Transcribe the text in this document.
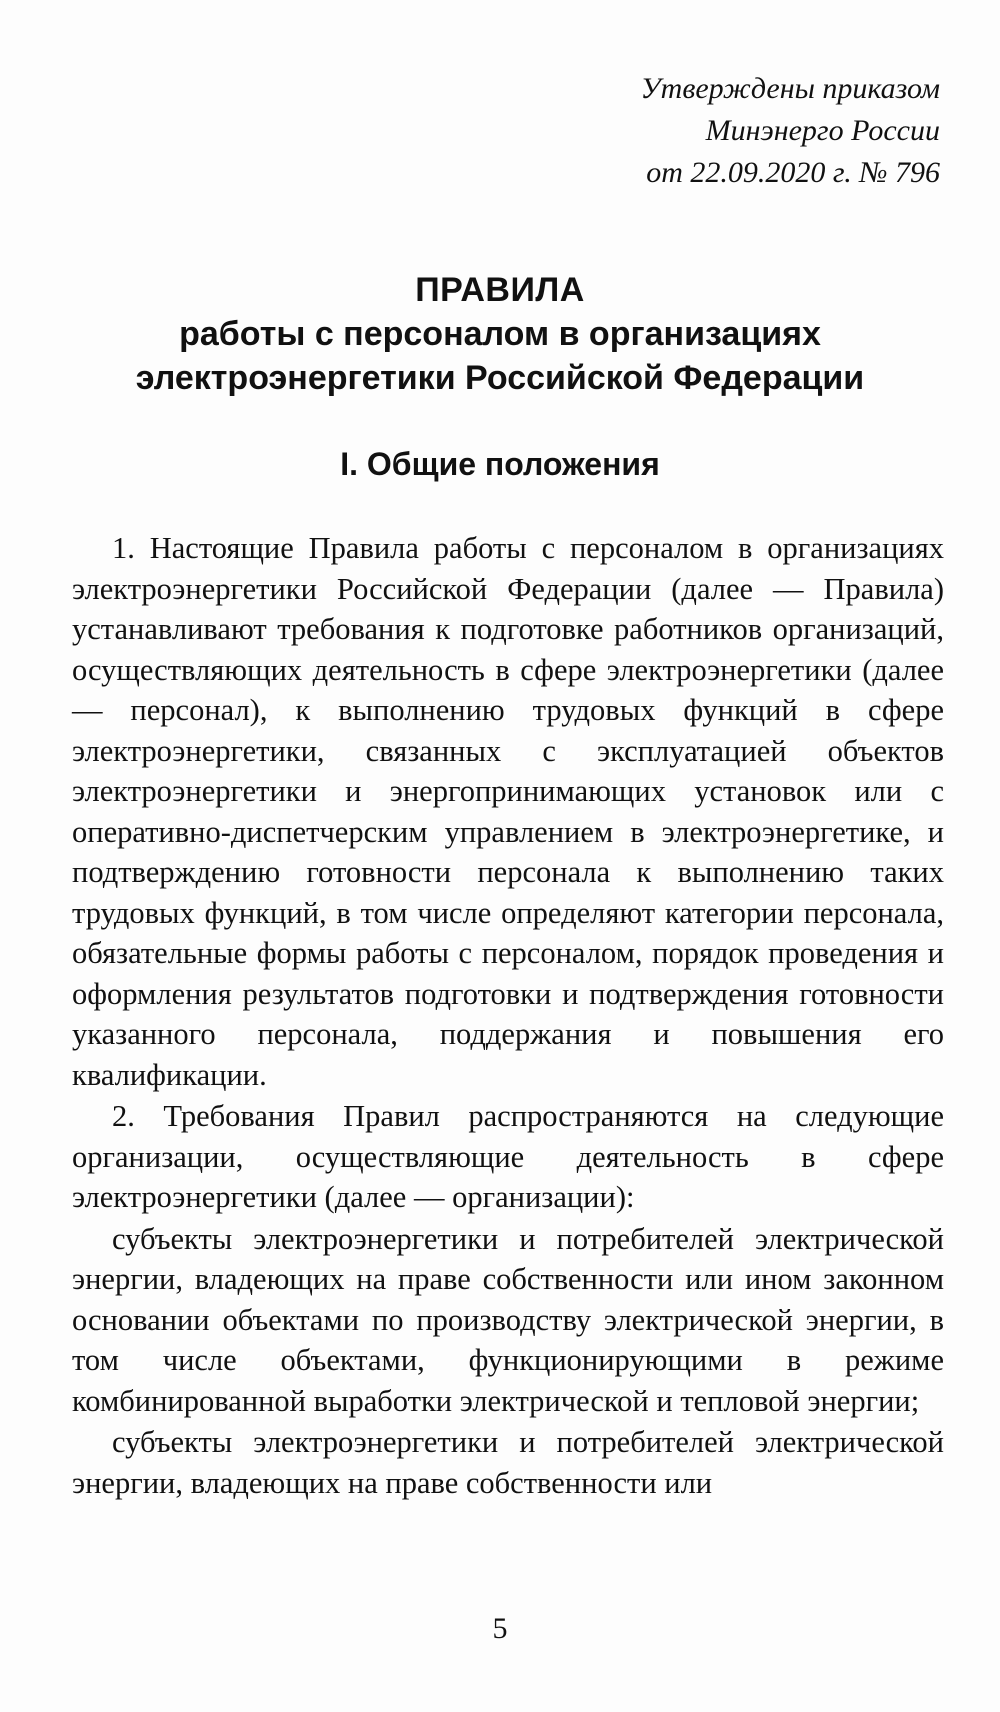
Утверждены приказом
Минэнерго России
от 22.09.2020 г. № 796
ПРАВИЛА
работы с персоналом в организациях
электроэнергетики Российской Федерации
I. Общие положения

1. Настоящие Правила работы с персоналом в организациях электроэнергетики Российской Федерации (далее — Правила) устанавливают требования к подготовке работников организаций, осуществляющих деятельность в сфере электроэнергетики (далее — персонал), к выполнению трудовых функций в сфере электроэнергетики, связанных с эксплуатацией объектов электроэнергетики и энергопринимающих установок или с оперативно-диспетчерским управлением в электроэнергетике, и подтверждению готовности персонала к выполнению таких трудовых функций, в том числе определяют категории персонала, обязательные формы работы с персоналом, порядок проведения и оформления результатов подготовки и подтверждения готовности указанного персонала, поддержания и повышения его квалификации.

2. Требования Правил распространяются на следующие организации, осуществляющие деятельность в сфере электроэнергетики (далее — организации):

субъекты электроэнергетики и потребителей электрической энергии, владеющих на праве собственности или ином законном основании объектами по производству электрической энергии, в том числе объектами, функционирующими в режиме комбинированной выработки электрической и тепловой энергии;

субъекты электроэнергетики и потребителей электрической энергии, владеющих на праве собственности или

5
